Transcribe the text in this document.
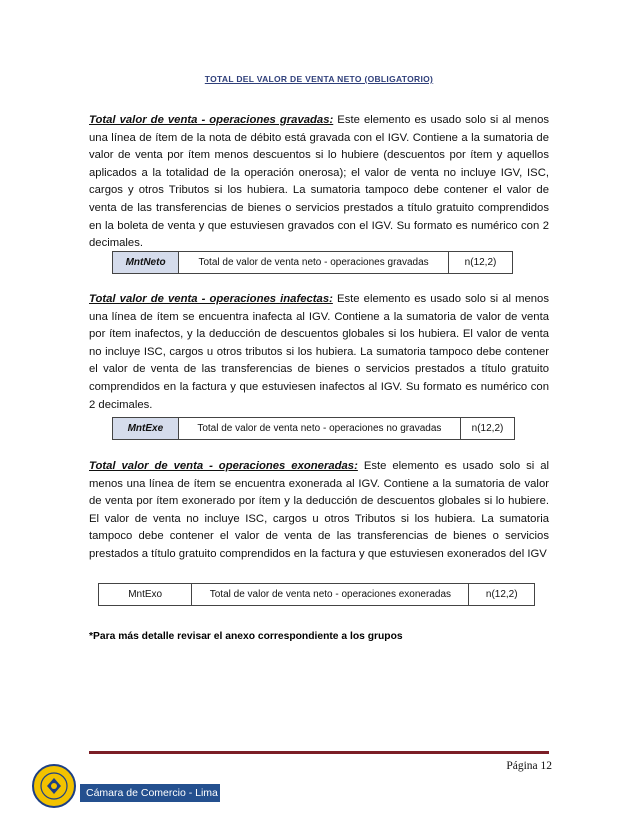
TOTAL DEL VALOR DE VENTA NETO (OBLIGATORIO)
Total valor de venta - operaciones gravadas: Este elemento es usado solo si al menos una línea de ítem de la nota de débito está gravada con el IGV. Contiene a la sumatoria de valor de venta por ítem menos descuentos si lo hubiere (descuentos por ítem y aquellos aplicados a la totalidad de la operación onerosa); el valor de venta no incluye IGV, ISC, cargos y otros Tributos si los hubiera. La sumatoria tampoco debe contener el valor de venta de las transferencias de bienes o servicios prestados a título gratuito comprendidos en la boleta de venta y que estuviesen gravados con el IGV. Su formato es numérico con 2 decimales.
MntNeto	Total de valor de venta neto - operaciones gravadas	n(12,2)
Total valor de venta - operaciones inafectas: Este elemento es usado solo si al menos una línea de ítem se encuentra inafecta al IGV. Contiene a la sumatoria de valor de venta por ítem inafectos, y la deducción de descuentos globales si los hubiera. El valor de venta no incluye ISC, cargos u otros tributos si los hubiera. La sumatoria tampoco debe contener el valor de venta de las transferencias de bienes o servicios prestados a título gratuito comprendidos en la factura y que estuviesen inafectos al IGV. Su formato es numérico con 2 decimales.
MntExe	Total de valor de venta neto - operaciones no gravadas	n(12,2)
Total valor de venta - operaciones exoneradas: Este elemento es usado solo si al menos una línea de ítem se encuentra exonerada al IGV. Contiene a la sumatoria de valor de venta por ítem exonerado por ítem y la deducción de descuentos globales si lo hubiere. El valor de venta no incluye ISC, cargos u otros Tributos si los hubiera. La sumatoria tampoco debe contener el valor de venta de las transferencias de bienes o servicios prestados a título gratuito comprendidos en la factura y que estuviesen exonerados del IGV
MntExo	Total de valor de venta neto - operaciones exoneradas	n(12,2)
*Para más detalle revisar el anexo correspondiente a los grupos
Página 12
Cámara de Comercio - Lima
